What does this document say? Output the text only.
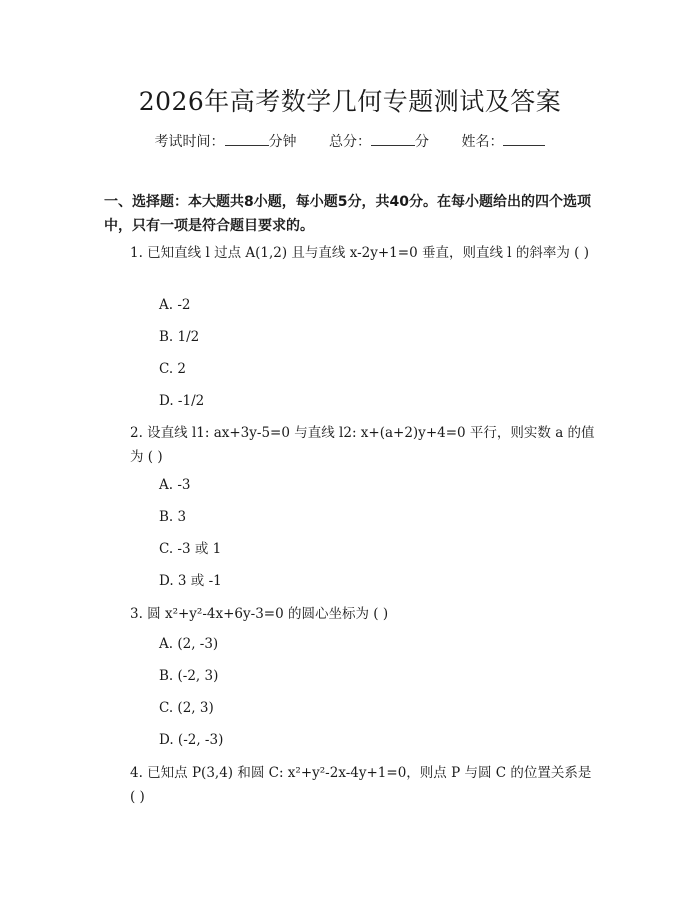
2026年高考数学几何专题测试及答案
考试时间：	分钟 总分：	分 姓名：
一、选择题：本大题共8小题，每小题5分，共40分。在每小题给出的四个选项中，只有一项是符合题目要求的。
1. 已知直线 l 过点 A(1,2) 且与直线 x-2y+1=0 垂直，则直线 l 的斜率为 ( )
A. -2
B. 1/2
C. 2
D. -1/2
2. 设直线 l1: ax+3y-5=0 与直线 l2: x+(a+2)y+4=0 平行，则实数 a 的值为 ( )
A. -3
B. 3
C. -3 或 1
D. 3 或 -1
3. 圆 x²+y²-4x+6y-3=0 的圆心坐标为 ( )
A. (2, -3)
B. (-2, 3)
C. (2, 3)
D. (-2, -3)
4. 已知点 P(3,4) 和圆 C: x²+y²-2x-4y+1=0，则点 P 与圆 C 的位置关系是 ( )
